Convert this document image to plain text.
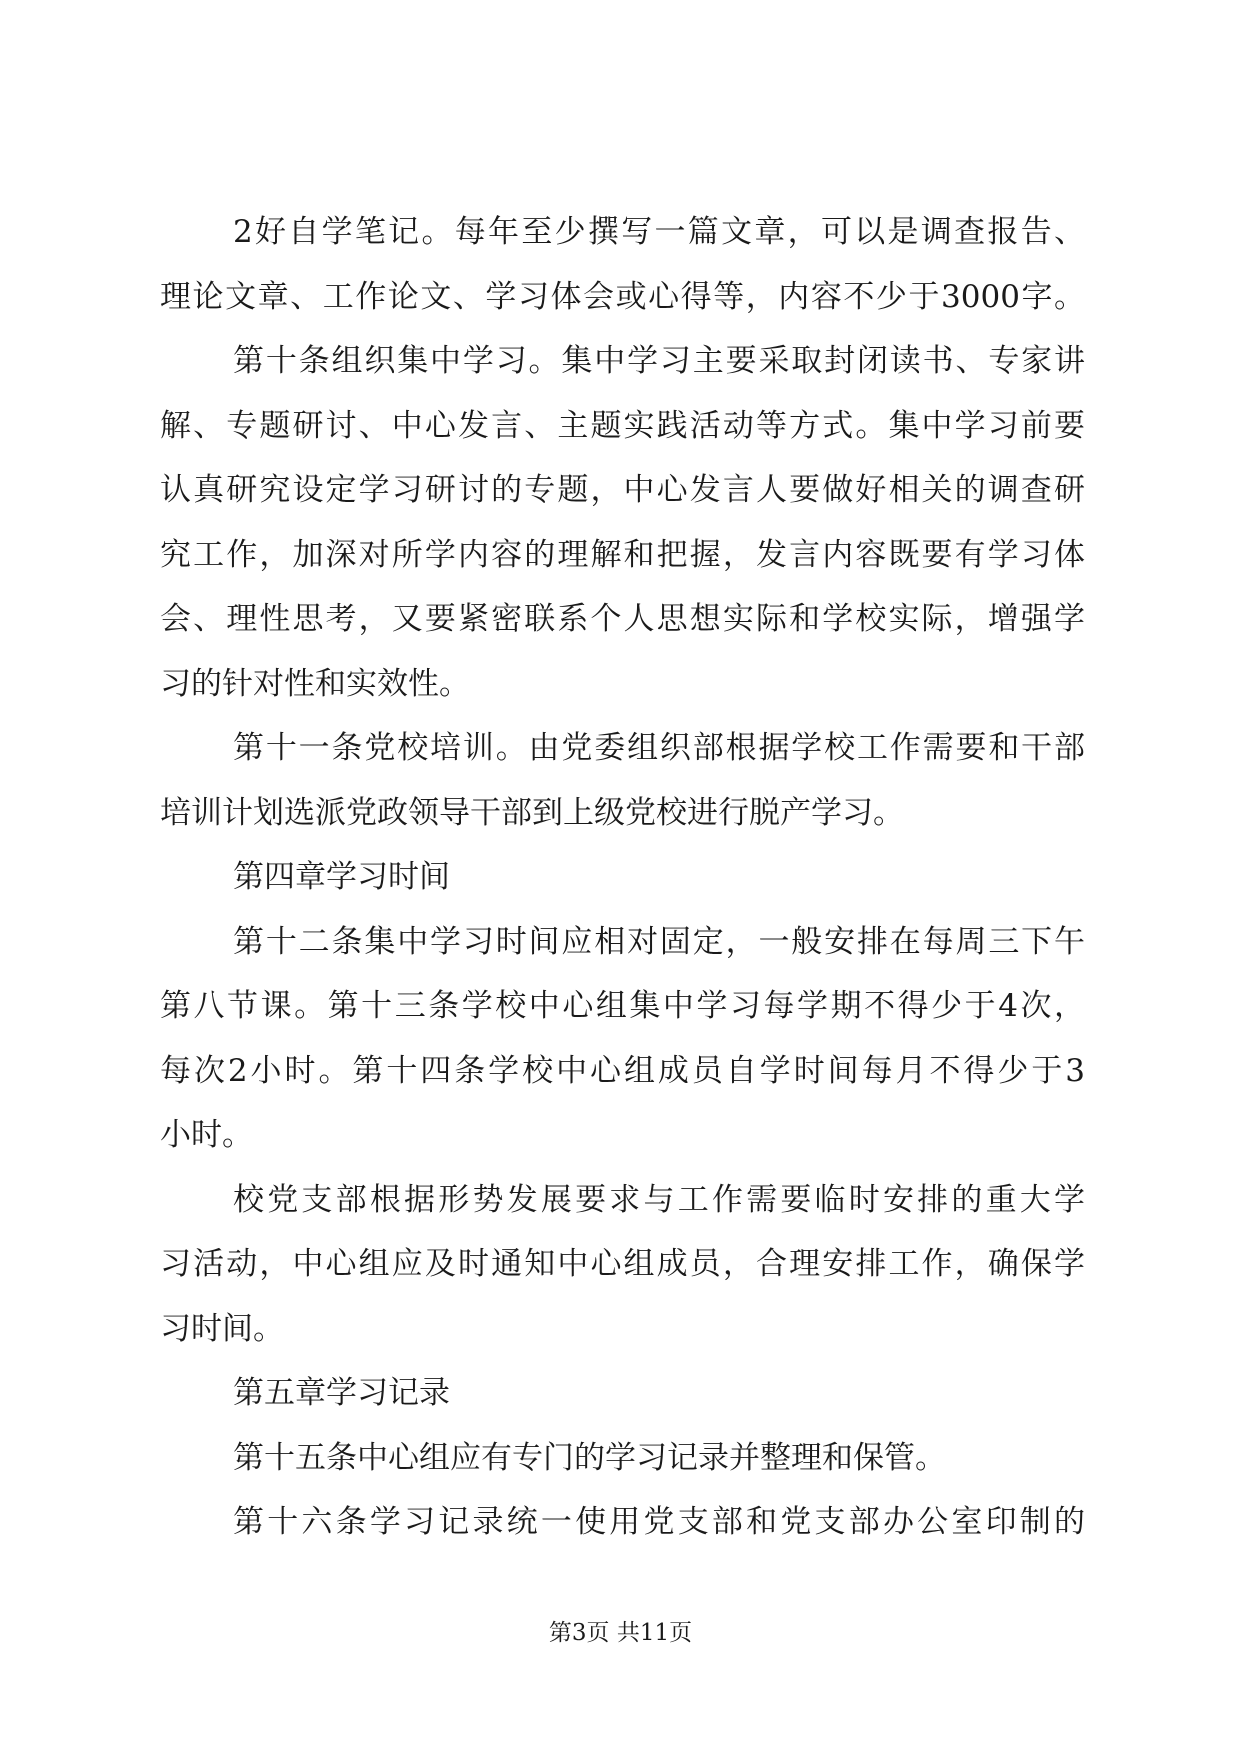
2好自学笔记。每年至少撰写一篇文章，可以是调查报告、
理论文章、工作论文、学习体会或心得等，内容不少于3000字。
第十条组织集中学习。集中学习主要采取封闭读书、专家讲
解、专题研讨、中心发言、主题实践活动等方式。集中学习前要
认真研究设定学习研讨的专题，中心发言人要做好相关的调查研
究工作，加深对所学内容的理解和把握，发言内容既要有学习体
会、理性思考，又要紧密联系个人思想实际和学校实际，增强学
习的针对性和实效性。
第十一条党校培训。由党委组织部根据学校工作需要和干部
培训计划选派党政领导干部到上级党校进行脱产学习。
第四章学习时间
第十二条集中学习时间应相对固定，一般安排在每周三下午
第八节课。第十三条学校中心组集中学习每学期不得少于4次，
每次2小时。第十四条学校中心组成员自学时间每月不得少于3
小时。
校党支部根据形势发展要求与工作需要临时安排的重大学
习活动，中心组应及时通知中心组成员，合理安排工作，确保学
习时间。
第五章学习记录
第十五条中心组应有专门的学习记录并整理和保管。
第十六条学习记录统一使用党支部和党支部办公室印制的
第3页 共11页
